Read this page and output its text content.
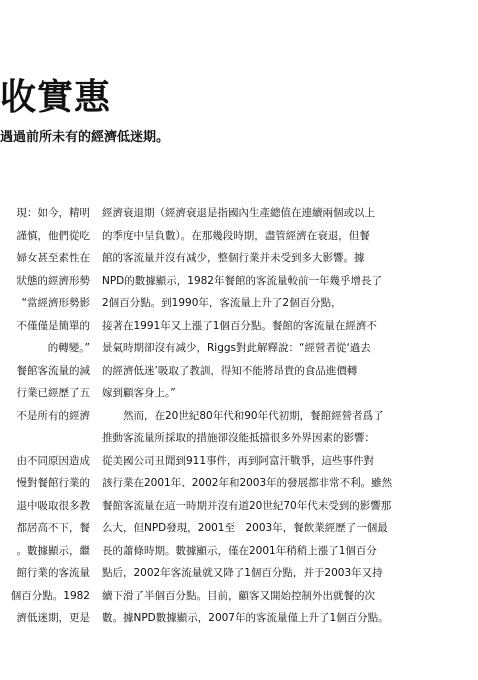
收實惠

遇過前所未有的經濟低迷期。

現：如今，精明
謹慎，他們從吃
婦女甚至素性在
狀態的經濟形勢
“當經濟形勢影
不僅僅是簡單的
的轉變。”
餐館客流量的減
行業已經歷了五
不是所有的經濟
由不同原因造成
慢對餐館行業的
退中吸取很多教
都居高不下，餐
。數據顯示，繼
館行業的客流量
個百分點。1982
濟低迷期，更是
經濟衰退期（經濟衰退是指國內生產總值在連續兩個或以上
的季度中呈負數）。在那幾段時期，盡管經濟在衰退，但餐
館的客流量并沒有减少，整個行業并未受到多大影響。據
NPD的數據顯示，1982年餐館的客流量較前一年幾乎增長了
2個百分點。到1990年，客流量上升了2個百分點，
接著在1991年又上漲了1個百分點。餐館的客流量在經濟不
景氣時期卻沒有减少，Riggs對此解釋說：“經營者從‘過去
的經濟低迷’吸取了教訓，得知不能將昂貴的食品進價轉
嫁到顧客身上。”
　　然而，在20世紀80年代和90年代初期，餐館經營者爲了
推動客流量所採取的措施卻沒能抵擋很多外界因素的影響：
從美國公司丑聞到911事件，再到阿富汗戰爭，這些事件對
該行業在2001年、2002年和2003年的發展都非常不利。雖然
餐館客流量在這一時期并沒有道20世紀70年代末受到的影響那
么大，但NPD發現，2001至　2003年，餐飲業經歷了一個最
長的蕭條時期。數據顯示，僅在2001年稍稍上漲了1個百分
點后，2002年客流量就又降了1個百分點，并于2003年又持
續下滑了半個百分點。目前，顧客又開始控制外出就餐的次
數。據NPD數據顯示，2007年的客流量僅上升了1個百分點。
